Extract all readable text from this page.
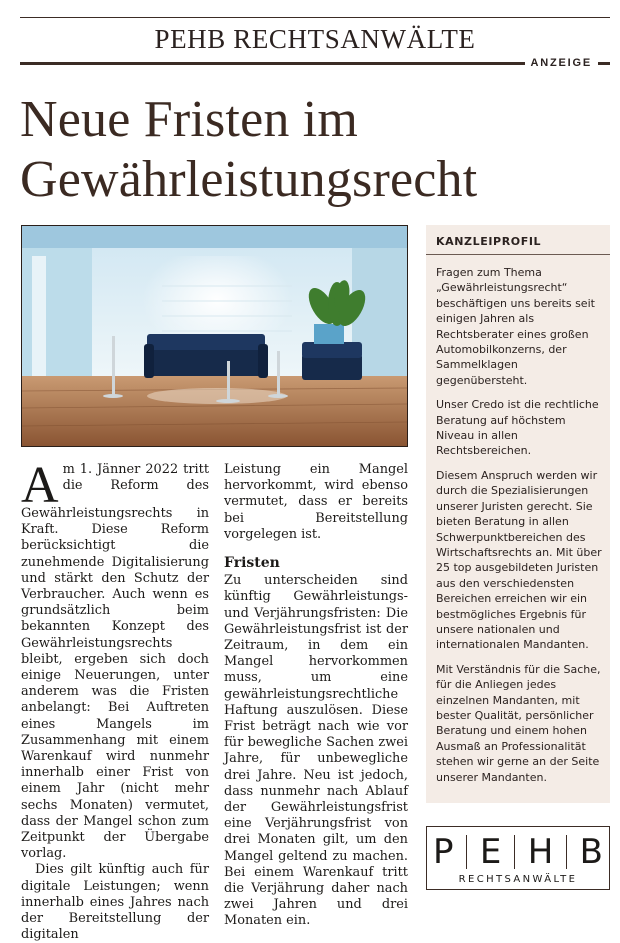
PEHB RECHTSANWÄLTE
ANZEIGE
Neue Fristen im
Gewährleistungsrecht

A m 1. Jänner 2022 tritt die Reform des Gewährleistungsrechts in Kraft. Diese Reform berücksichtigt die zunehmende Digitalisierung und stärkt den Schutz der Verbraucher. Auch wenn es grundsätzlich beim bekannten Konzept des Gewährleistungsrechts bleibt, ergeben sich doch einige Neuerungen, unter anderem was die Fristen anbelangt: Bei Auftreten eines Mangels im Zusammenhang mit einem Warenkauf wird nunmehr innerhalb einer Frist von einem Jahr (nicht mehr sechs Monaten) vermutet, dass der Mangel schon zum Zeitpunkt der Übergabe vorlag.

Dies gilt künftig auch für digitale Leistungen; wenn innerhalb eines Jahres nach der Bereitstellung der digitalen

Leistung ein Mangel hervorkommt, wird ebenso vermutet, dass er bereits bei Bereitstellung vorgelegen ist.

Fristen

Zu unterscheiden sind künftig Gewährleistungs- und Verjährungsfristen: Die Gewährleistungsfrist ist der Zeitraum, in dem ein Mangel hervorkommen muss, um eine gewährleistungsrechtliche Haftung auszulösen. Diese Frist beträgt nach wie vor für bewegliche Sachen zwei Jahre, für unbewegliche drei Jahre. Neu ist jedoch, dass nunmehr nach Ablauf der Gewährleistungsfrist eine Verjährungsfrist von drei Monaten gilt, um den Mangel geltend zu machen. Bei einem Warenkauf tritt die Verjährung daher nach zwei Jahren und drei Monaten ein.

KANZLEIPROFIL

Fragen zum Thema „Gewährleistungsrecht“ beschäftigen uns bereits seit einigen Jahren als Rechtsberater eines großen Automobilkonzerns, der Sammelklagen gegenübersteht.

Unser Credo ist die rechtliche Beratung auf höchstem Niveau in allen Rechtsbereichen.

Diesem Anspruch werden wir durch die Spezialisierungen unserer Juristen gerecht. Sie bieten Beratung in allen Schwerpunktbereichen des Wirtschaftsrechts an. Mit über 25 top ausgebildeten Juristen aus den verschiedensten Bereichen erreichen wir ein bestmögliches Ergebnis für unsere nationalen und internationalen Mandanten.

Mit Verständnis für die Sache, für die Anliegen jedes einzelnen Mandanten, mit bester Qualität, persönlicher Beratung und einem hohen Ausmaß an Professionalität stehen wir gerne an der Seite unserer Mandanten.

P E H B
RECHTSANWÄLTE
